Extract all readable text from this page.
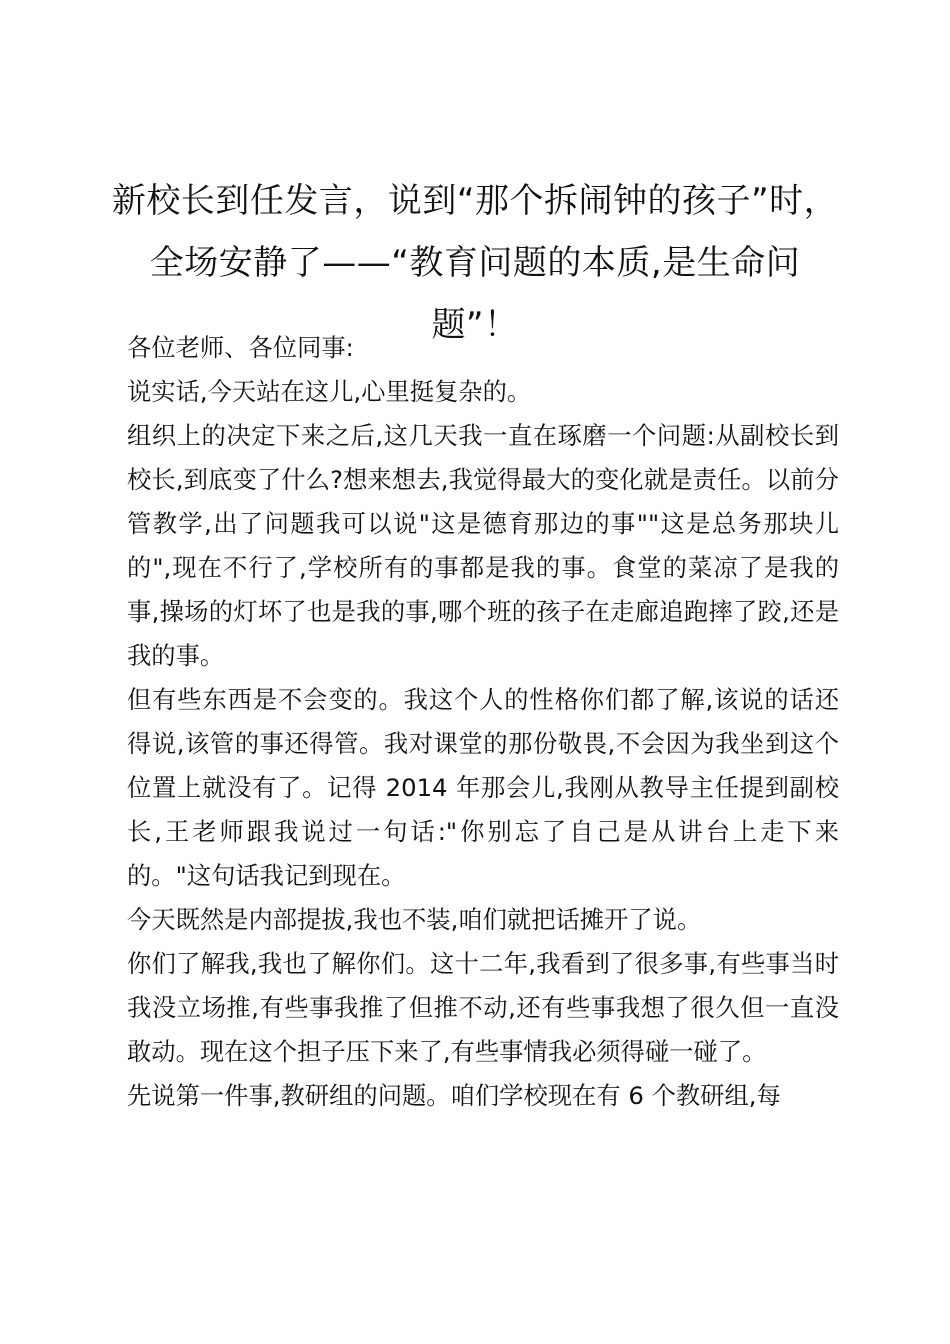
新校长到任发言，说到“那个拆闹钟的孩子”时，全场安静了——“教育问题的本质,是生命问题”！

各位老师、各位同事:

说实话,今天站在这儿,心里挺复杂的。

组织上的决定下来之后,这几天我一直在琢磨一个问题:从副校长到校长,到底变了什么?想来想去,我觉得最大的变化就是责任。以前分管教学,出了问题我可以说"这是德育那边的事""这是总务那块儿的",现在不行了,学校所有的事都是我的事。食堂的菜凉了是我的事,操场的灯坏了也是我的事,哪个班的孩子在走廊追跑摔了跤,还是我的事。

但有些东西是不会变的。我这个人的性格你们都了解,该说的话还得说,该管的事还得管。我对课堂的那份敬畏,不会因为我坐到这个位置上就没有了。记得 2014 年那会儿,我刚从教导主任提到副校长,王老师跟我说过一句话:"你别忘了自己是从讲台上走下来的。"这句话我记到现在。

今天既然是内部提拔,我也不装,咱们就把话摊开了说。

你们了解我,我也了解你们。这十二年,我看到了很多事,有些事当时我没立场推,有些事我推了但推不动,还有些事我想了很久但一直没敢动。现在这个担子压下来了,有些事情我必须得碰一碰了。

先说第一件事,教研组的问题。咱们学校现在有 6 个教研组,每
